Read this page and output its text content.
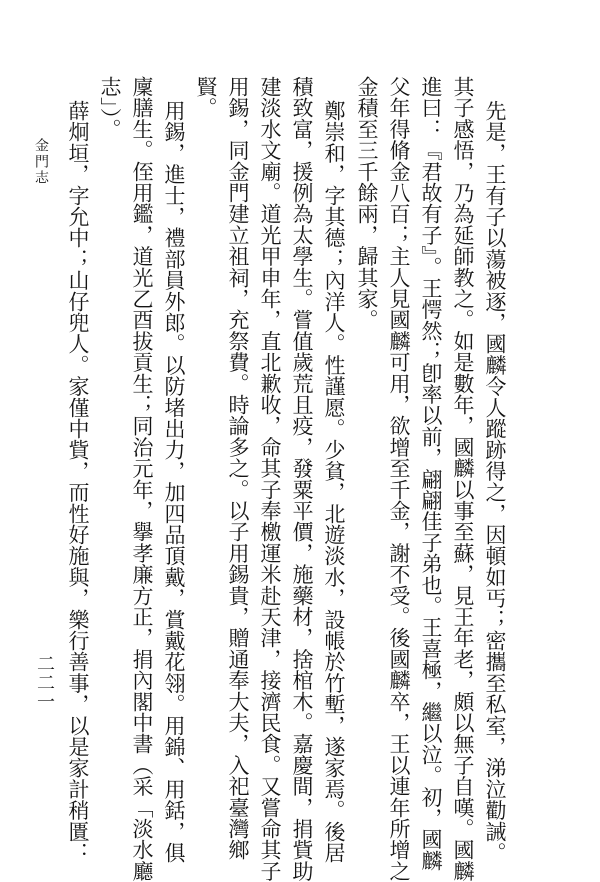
先是，王有子以蕩被逐，國麟令人蹤跡得之，因頓如丐；密攜至私室，涕泣勸誡。
其子感悟，乃為延師教之。如是數年，國麟以事至蘇，見王年老，頗以無子自嘆。國麟
進曰：『君故有子』。王愕然；卽率以前，翩翩佳子弟也。王喜極，繼以泣。初，國麟
父年得脩金八百；主人見國麟可用，欲增至千金，謝不受。後國麟卒，王以連年所增之
金積至三千餘兩，歸其家。
鄭崇和，字其德；內洋人。性謹愿。少貧，北遊淡水，設帳於竹塹，遂家焉。後居
積致富，援例為太學生。嘗值歲荒且疫，發粟平價，施藥材，捨棺木。嘉慶間，捐貲助
建淡水文廟。道光甲申年，直北歉收，命其子奉檄運米赴天津，接濟民食。又嘗命其子
用錫，同金門建立祖祠，充祭費。時論多之。以子用錫貴，贈通奉大夫，入祀臺灣鄉
賢。
用錫，進士，禮部員外郎。以防堵出力，加四品頂戴，賞戴花翎。用錦、用銛，俱
廩膳生。侄用鑑，道光乙酉拔貢生；同治元年，擧孝廉方正，捐內閣中書（采「淡水廳
志」）。
薛炯垣，字允中；山仔兜人。家僅中貲，而性好施與，樂行善事，以是家計稍匱：
金門志
二二一
